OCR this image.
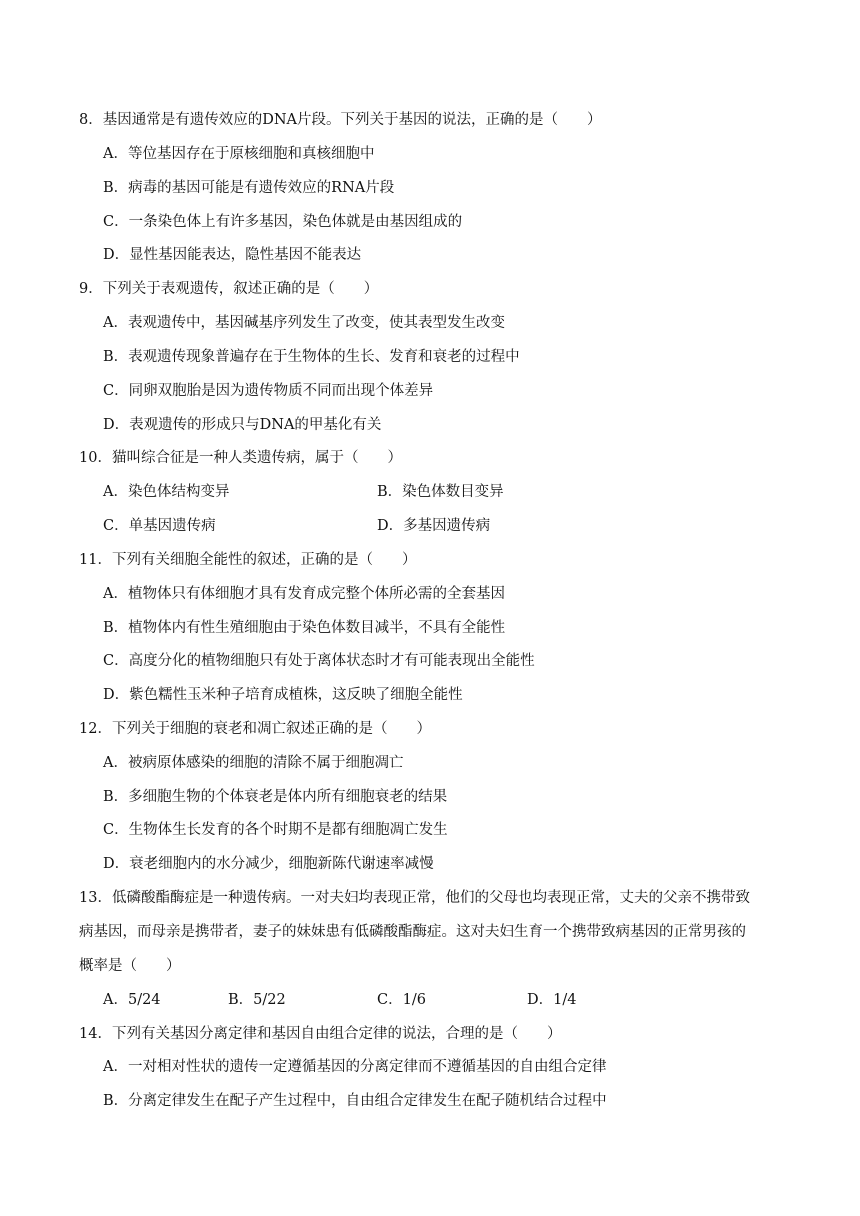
8．基因通常是有遗传效应的DNA片段。下列关于基因的说法，正确的是（　　）
A．等位基因存在于原核细胞和真核细胞中
B．病毒的基因可能是有遗传效应的RNA片段
C．一条染色体上有许多基因，染色体就是由基因组成的
D．显性基因能表达，隐性基因不能表达
9．下列关于表观遗传，叙述正确的是（　　）
A．表观遗传中，基因碱基序列发生了改变，使其表型发生改变
B．表观遗传现象普遍存在于生物体的生长、发育和衰老的过程中
C．同卵双胞胎是因为遗传物质不同而出现个体差异
D．表观遗传的形成只与DNA的甲基化有关
10．猫叫综合征是一种人类遗传病，属于（　　）
A．染色体结构变异	B．染色体数目变异
C．单基因遗传病	D．多基因遗传病
11．下列有关细胞全能性的叙述，正确的是（　　）
A．植物体只有体细胞才具有发育成完整个体所必需的全套基因
B．植物体内有性生殖细胞由于染色体数目减半，不具有全能性
C．高度分化的植物细胞只有处于离体状态时才有可能表现出全能性
D．紫色糯性玉米种子培育成植株，这反映了细胞全能性
12．下列关于细胞的衰老和凋亡叙述正确的是（　　）
A．被病原体感染的细胞的清除不属于细胞凋亡
B．多细胞生物的个体衰老是体内所有细胞衰老的结果
C．生物体生长发育的各个时期不是都有细胞凋亡发生
D．衰老细胞内的水分减少，细胞新陈代谢速率减慢
13．低磷酸酯酶症是一种遗传病。一对夫妇均表现正常，他们的父母也均表现正常，丈夫的父亲不携带致
病基因，而母亲是携带者，妻子的妹妹患有低磷酸酯酶症。这对夫妇生育一个携带致病基因的正常男孩的
概率是（　　）
A．5/24	B．5/22	C．1/6	D．1/4
14．下列有关基因分离定律和基因自由组合定律的说法，合理的是（　　）
A．一对相对性状的遗传一定遵循基因的分离定律而不遵循基因的自由组合定律
B．分离定律发生在配子产生过程中，自由组合定律发生在配子随机结合过程中
